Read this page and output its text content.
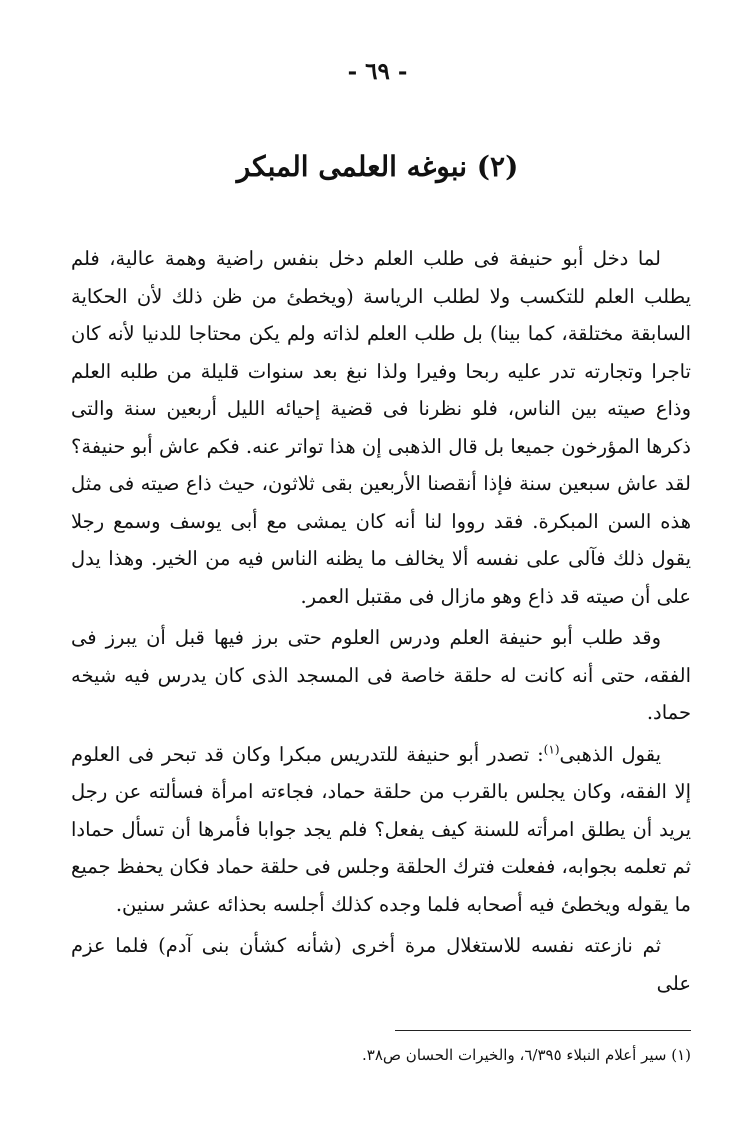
- ٦٩ -
(٢) نبوغه العلمى المبكر

لما دخل أبو حنيفة فى طلب العلم دخل بنفس راضية وهمة عالية، فلم يطلب العلم للتكسب ولا لطلب الرياسة (ويخطئ من ظن ذلك لأن الحكاية السابقة مختلقة، كما بينا) بل طلب العلم لذاته ولم يكن محتاجا للدنيا لأنه كان تاجرا وتجارته تدر عليه ربحا وفيرا ولذا نبغ بعد سنوات قليلة من طلبه العلم وذاع صيته بين الناس، فلو نظرنا فى قضية إحيائه الليل أربعين سنة والتى ذكرها المؤرخون جميعا بل قال الذهبى إن هذا تواتر عنه. فكم عاش أبو حنيفة؟ لقد عاش سبعين سنة فإذا أنقصنا الأربعين بقى ثلاثون، حيث ذاع صيته فى مثل هذه السن المبكرة. فقد رووا لنا أنه كان يمشى مع أبى يوسف وسمع رجلا يقول ذلك فآلى على نفسه ألا يخالف ما يظنه الناس فيه من الخير. وهذا يدل على أن صيته قد ذاع وهو مازال فى مقتبل العمر.

وقد طلب أبو حنيفة العلم ودرس العلوم حتى برز فيها قبل أن يبرز فى الفقه، حتى أنه كانت له حلقة خاصة فى المسجد الذى كان يدرس فيه شيخه حماد.

يقول الذهبى$^{(١)}$: تصدر أبو حنيفة للتدريس مبكرا وكان قد تبحر فى العلوم إلا الفقه، وكان يجلس بالقرب من حلقة حماد، فجاءته امرأة فسألته عن رجل يريد أن يطلق امرأته للسنة كيف يفعل؟ فلم يجد جوابا فأمرها أن تسأل حمادا ثم تعلمه بجوابه، ففعلت فترك الحلقة وجلس فى حلقة حماد فكان يحفظ جميع ما يقوله ويخطئ فيه أصحابه فلما وجده كذلك أجلسه بحذائه عشر سنين.

ثم نازعته نفسه للاستغلال مرة أخرى (شأنه كشأن بنى آدم) فلما عزم على

(١) سير أعلام النبلاء ٦/٣٩٥، والخيرات الحسان ص٣٨.
